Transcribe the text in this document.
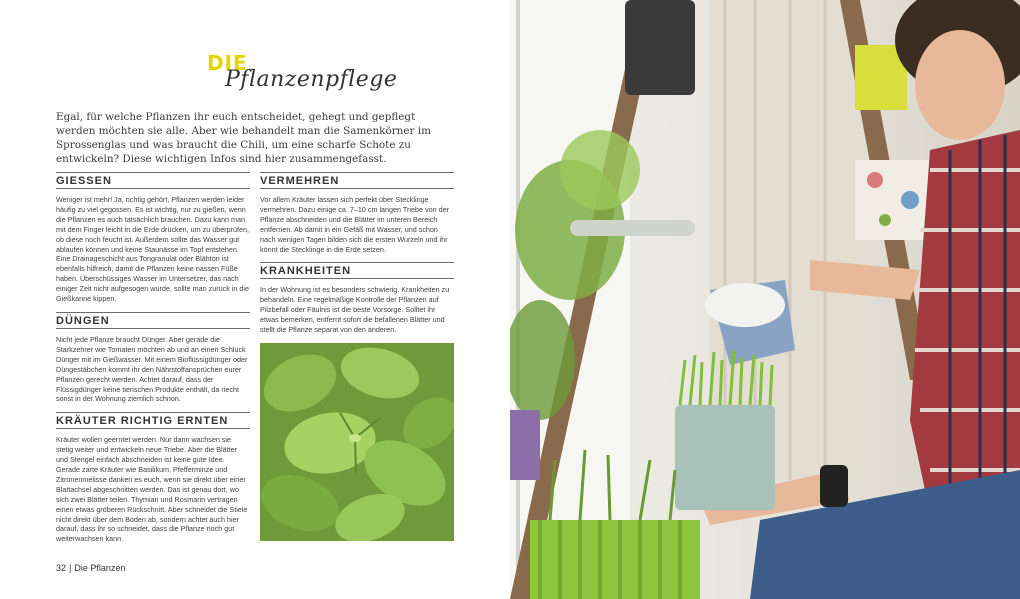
DIE
Pflanzenpflege
Egal, für welche Pflanzen ihr euch entscheidet, gehegt und gepflegt werden möchten sie alle. Aber wie behandelt man die Samenkörner im Sprossenglas und was braucht die Chili, um eine scharfe Schote zu entwickeln? Diese wichtigen Infos sind hier zusammengefasst.
GIESSEN
Weniger ist mehr! Ja, richtig gehört, Pflanzen werden leider häufig zu viel gegossen. Es ist wichtig, nur zu gießen, wenn die Pflanzen es auch tatsächlich brauchen. Dazu kann man mit dem Finger leicht in die Erde drücken, um zu überprüfen, ob diese noch feucht ist. Außerdem sollte das Wasser gut ablaufen können und keine Staunässe im Topf entstehen. Eine Drainageschicht aus Tongranulat oder Blähton ist ebenfalls hilfreich, damit die Pflanzen keine nassen Füße haben. Überschüssiges Wasser im Untersetzer, das nach einiger Zeit nicht aufgesogen wurde, sollte man zurück in die Gießkanne kippen.
DÜNGEN
Nicht jede Pflanze braucht Dünger. Aber gerade die Starkzehrer wie Tomaten möchten ab und an einen Schluck Dünger mit im Gießwasser. Mit einem Bioflüssigdünger oder Düngestäbchen kommt ihr den Nährstoffansprüchen eurer Pflanzen gerecht werden. Achtet darauf, dass der Flüssigdünger keine tierischen Produkte enthält, da riecht sonst in der Wohnung ziemlich schnon.
KRÄUTER RICHTIG ERNTEN
Kräuter wollen geerntet werden. Nur dann wachsen sie stetig weiter und entwickeln neue Triebe. Aber die Blätter und Stengel einfach abschneiden ist keine gute Idee. Gerade zarte Kräuter wie Basilikum, Pfefferminze und Zitronenmelisse danken es euch, wenn sie direkt über einer Blattachsel abgeschnitten werden. Das ist genau dort, wo sich zwei Blätter teilen. Thymian und Rosmarin vertragen einen etwas gröberen Rückschnitt. Aber schneidet die Stiele nicht direkt über dem Boden ab, sondern achtet auch hier darauf, dass ihr so schneidet, dass die Pflanze noch gut weiterwachsen kann.
VERMEHREN
Vor allem Kräuter lassen sich perfekt über Stecklinge vermehren. Dazu einige ca. 7–10 cm langen Triebe von der Pflanze abschneiden und die Blätter im unteren Bereich entfernen. Ab damit in ein Gefäß mit Wasser, und schon nach wenigen Tagen bilden sich die ersten Wurzeln und ihr könnt die Stecklinge in die Erde setzen.
KRANKHEITEN
In der Wohnung ist es besonders schwierig, Krankheiten zu behandeln. Eine regelmäßige Kontrolle der Pflanzen auf Pilzbefall oder Fäulnis ist die beste Vorsorge. Solltet ihr etwas bemerken, entfernt sofort die befallenen Blätter und stellt die Pflanze separat von den anderen.
32 | Die Pflanzen
